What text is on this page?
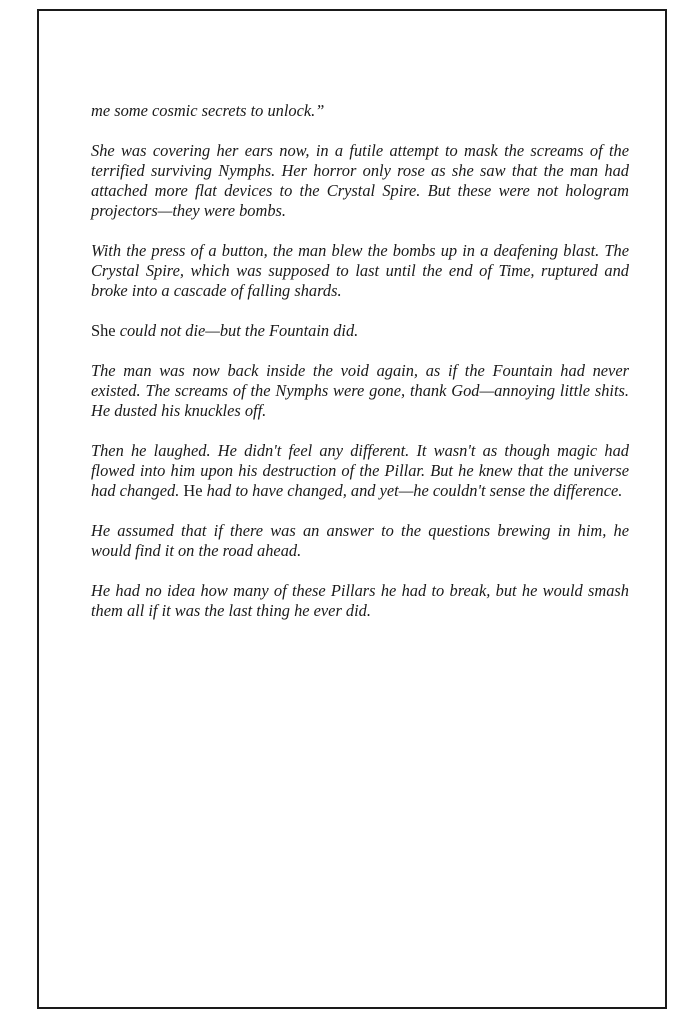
me some cosmic secrets to unlock.”

She was covering her ears now, in a futile attempt to mask the screams of the terrified surviving Nymphs. Her horror only rose as she saw that the man had attached more flat devices to the Crystal Spire. But these were not hologram projectors—they were bombs.

With the press of a button, the man blew the bombs up in a deafening blast. The Crystal Spire, which was supposed to last until the end of Time, ruptured and broke into a cascade of falling shards.

She could not die—but the Fountain did.

The man was now back inside the void again, as if the Fountain had never existed. The screams of the Nymphs were gone, thank God—annoying little shits. He dusted his knuckles off.

Then he laughed. He didn't feel any different. It wasn't as though magic had flowed into him upon his destruction of the Pillar. But he knew that the universe had changed. He had to have changed, and yet—he couldn't sense the difference.

He assumed that if there was an answer to the questions brewing in him, he would find it on the road ahead.

He had no idea how many of these Pillars he had to break, but he would smash them all if it was the last thing he ever did.
